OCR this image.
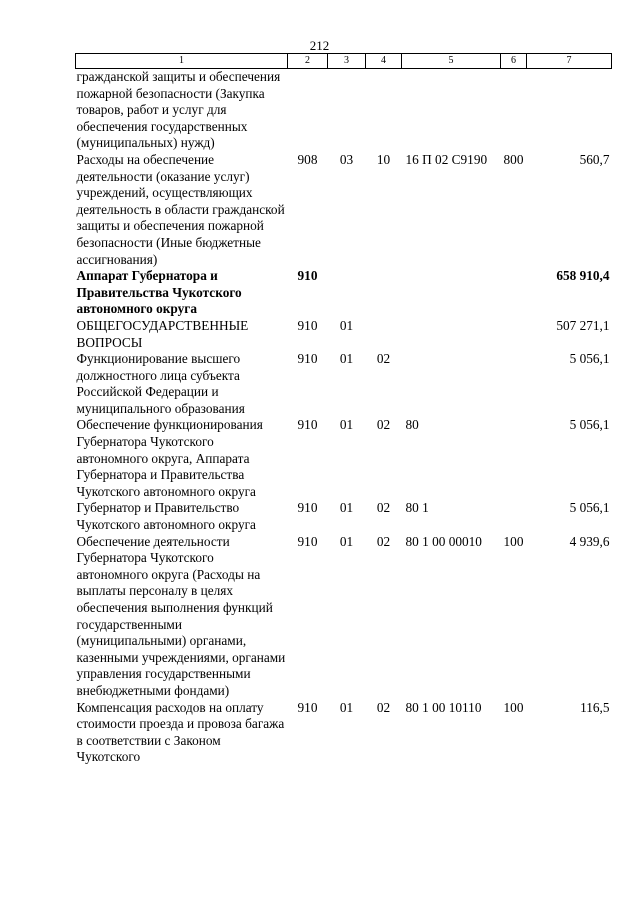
212
1	2	3	4	5	6	7
гражданской защиты и обеспечения пожарной безопасности (Закупка товаров, работ и услуг для обеспечения государственных (муниципальных) нужд)						
Расходы на обеспечение деятельности (оказание услуг) учреждений, осуществляющих деятельность в области гражданской защиты и обеспечения пожарной безопасности (Иные бюджетные ассигнования)	908	03	10	16 П 02 С9190	800	560,7
Аппарат Губернатора и Правительства Чукотского автономного округа	910					658 910,4
ОБЩЕГОСУДАРСТВЕННЫЕ ВОПРОСЫ	910	01				507 271,1
Функционирование высшего должностного лица субъекта Российской Федерации и муниципального образования	910	01	02			5 056,1
Обеспечение функционирования Губернатора Чукотского автономного округа, Аппарата Губернатора и Правительства Чукотского автономного округа	910	01	02	80		5 056,1
Губернатор и Правительство Чукотского автономного округа	910	01	02	80 1		5 056,1
Обеспечение деятельности Губернатора Чукотского автономного округа (Расходы на выплаты персоналу в целях обеспечения выполнения функций государственными (муниципальными) органами, казенными учреждениями, органами управления государственными внебюджетными фондами)	910	01	02	80 1 00 00010	100	4 939,6
Компенсация расходов на оплату стоимости проезда и провоза багажа в соответствии с Законом Чукотского	910	01	02	80 1 00 10110	100	116,5
